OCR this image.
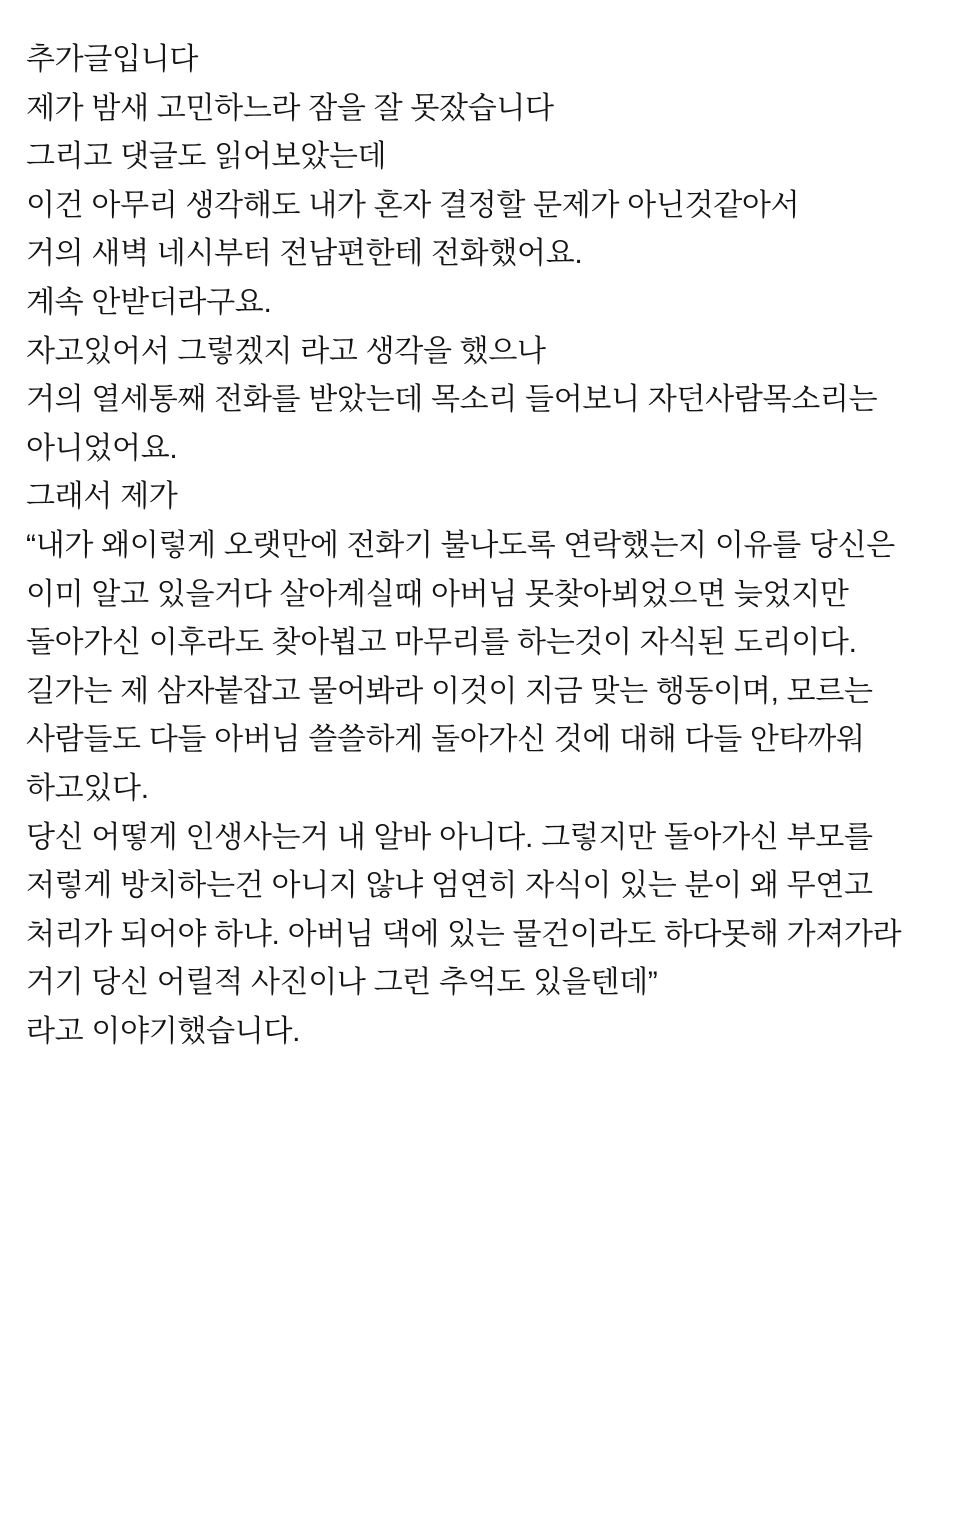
추가글입니다

제가 밤새 고민하느라 잠을 잘 못잤습니다

그리고 댓글도 읽어보았는데

이건 아무리 생각해도 내가 혼자 결정할 문제가 아닌것같아서

거의 새벽 네시부터 전남편한테 전화했어요.

계속 안받더라구요.

자고있어서 그렇겠지 라고 생각을 했으나

거의 열세통째 전화를 받았는데 목소리 들어보니 자던사람목소리는 아니었어요.

그래서 제가

“내가 왜이렇게 오랫만에 전화기 불나도록 연락했는지 이유를 당신은 이미 알고 있을거다 살아계실때 아버님 못찾아뵈었으면 늦었지만 돌아가신 이후라도 찾아뵙고 마무리를 하는것이 자식된 도리이다.

길가는 제 삼자붙잡고 물어봐라 이것이 지금 맞는 행동이며, 모르는 사람들도 다들 아버님 쓸쓸하게 돌아가신 것에 대해 다들 안타까워 하고있다.

당신 어떻게 인생사는거 내 알바 아니다. 그렇지만 돌아가신 부모를 저렇게 방치하는건 아니지 않냐 엄연히 자식이 있는 분이 왜 무연고 처리가 되어야 하냐. 아버님 댁에 있는 물건이라도 하다못해 가져가라 거기 당신 어릴적 사진이나 그런 추억도 있을텐데”

라고 이야기했습니다.
